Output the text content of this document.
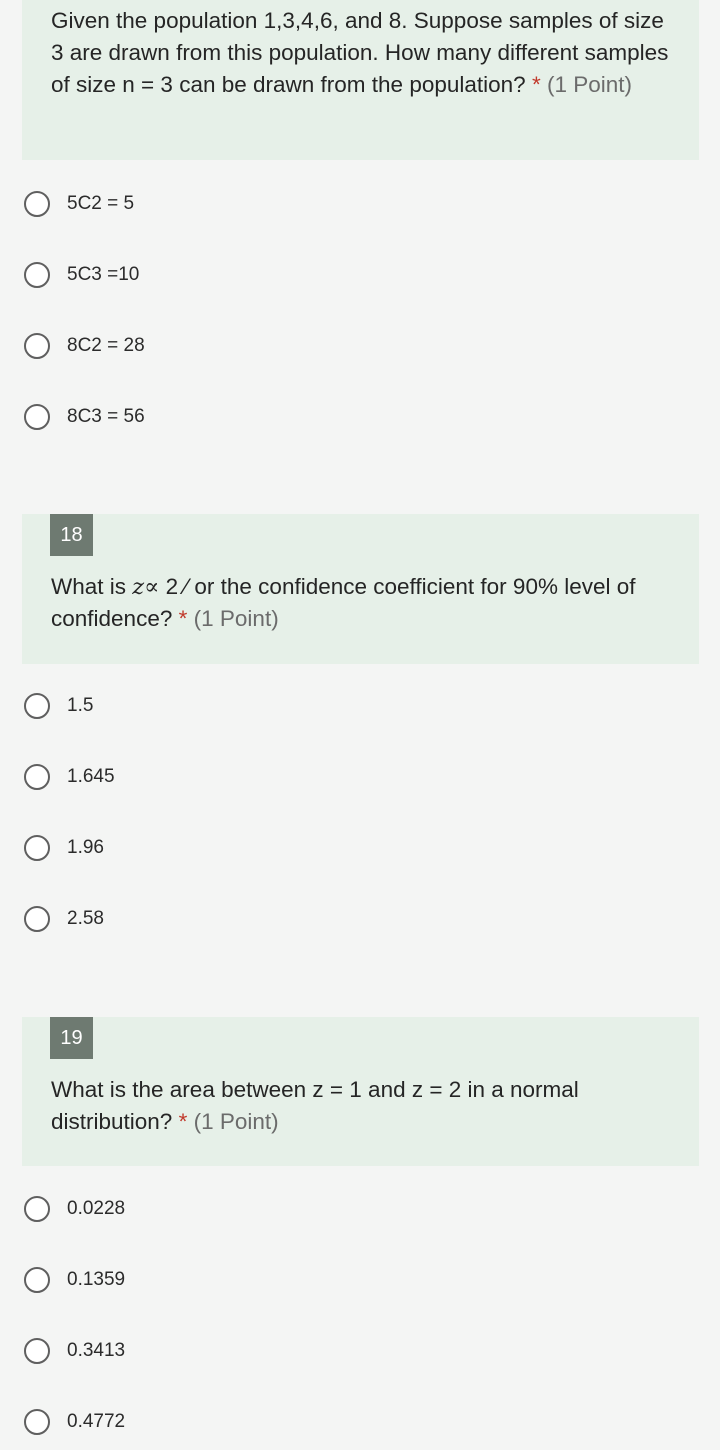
Given the population 1,3,4,6, and 8. Suppose samples of size 3 are drawn from this population. How many different samples of size n = 3 can be drawn from the population? * (1 Point)
5C2 = 5
5C3 =10
8C2 = 28
8C3 = 56
18
What is z∝ 2 ⁄ or the confidence coefficient for 90% level of confidence? * (1 Point)
1.5
1.645
1.96
2.58
19
What is the area between z = 1 and z = 2 in a normal distribution? * (1 Point)
0.0228
0.1359
0.3413
0.4772
